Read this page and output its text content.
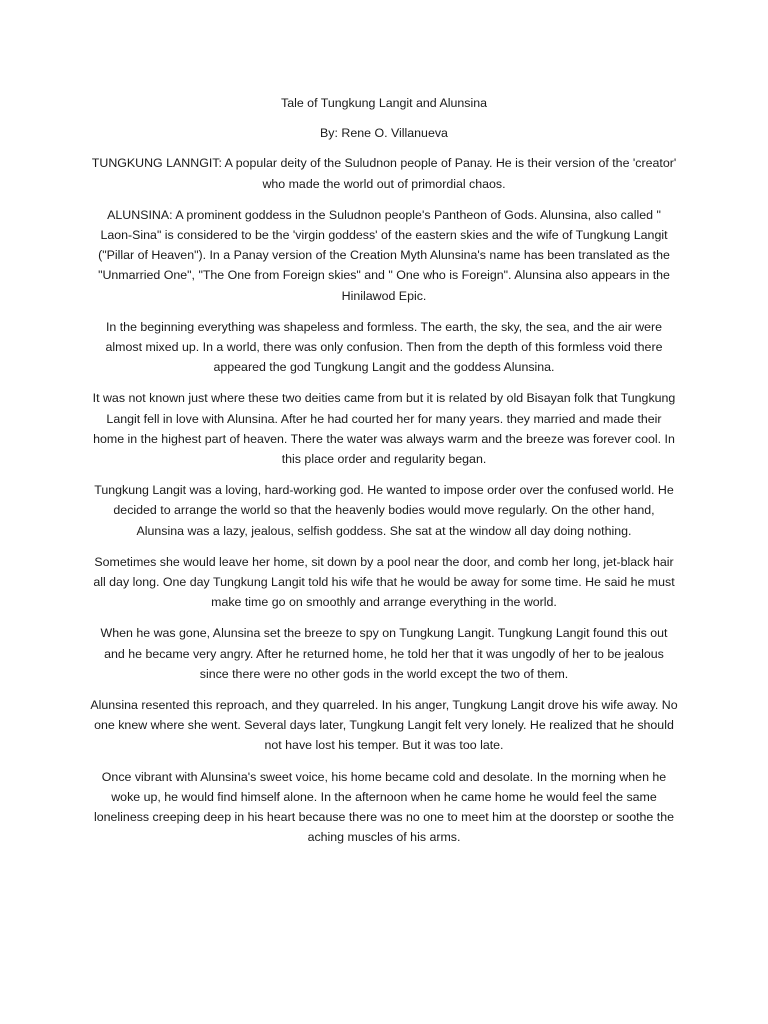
Tale of Tungkung Langit and Alunsina

By: Rene O. Villanueva

TUNGKUNG LANNGIT: A popular deity of the Suludnon people of Panay. He is their version of the 'creator' who made the world out of primordial chaos.

ALUNSINA: A prominent goddess in the Suludnon people's Pantheon of Gods. Alunsina, also called " Laon-Sina" is considered to be the 'virgin goddess' of the eastern skies and the wife of Tungkung Langit ("Pillar of Heaven"). In a Panay version of the Creation Myth Alunsina's name has been translated as the "Unmarried One", "The One from Foreign skies" and " One who is Foreign". Alunsina also appears in the Hinilawod Epic.

In the beginning everything was shapeless and formless. The earth, the sky, the sea, and the air were almost mixed up. In a world, there was only confusion. Then from the depth of this formless void there appeared the god Tungkung Langit and the goddess Alunsina.

It was not known just where these two deities came from but it is related by old Bisayan folk that Tungkung Langit fell in love with Alunsina. After he had courted her for many years. they married and made their home in the highest part of heaven. There the water was always warm and the breeze was forever cool. In this place order and regularity began.

Tungkung Langit was a loving, hard-working god. He wanted to impose order over the confused world. He decided to arrange the world so that the heavenly bodies would move regularly. On the other hand, Alunsina was a lazy, jealous, selfish goddess. She sat at the window all day doing nothing.

Sometimes she would leave her home, sit down by a pool near the door, and comb her long, jet-black hair all day long. One day Tungkung Langit told his wife that he would be away for some time. He said he must make time go on smoothly and arrange everything in the world.

When he was gone, Alunsina set the breeze to spy on Tungkung Langit. Tungkung Langit found this out and he became very angry. After he returned home, he told her that it was ungodly of her to be jealous since there were no other gods in the world except the two of them.

Alunsina resented this reproach, and they quarreled. In his anger, Tungkung Langit drove his wife away. No one knew where she went. Several days later, Tungkung Langit felt very lonely. He realized that he should not have lost his temper. But it was too late.

Once vibrant with Alunsina's sweet voice, his home became cold and desolate. In the morning when he woke up, he would find himself alone. In the afternoon when he came home he would feel the same loneliness creeping deep in his heart because there was no one to meet him at the doorstep or soothe the aching muscles of his arms.
